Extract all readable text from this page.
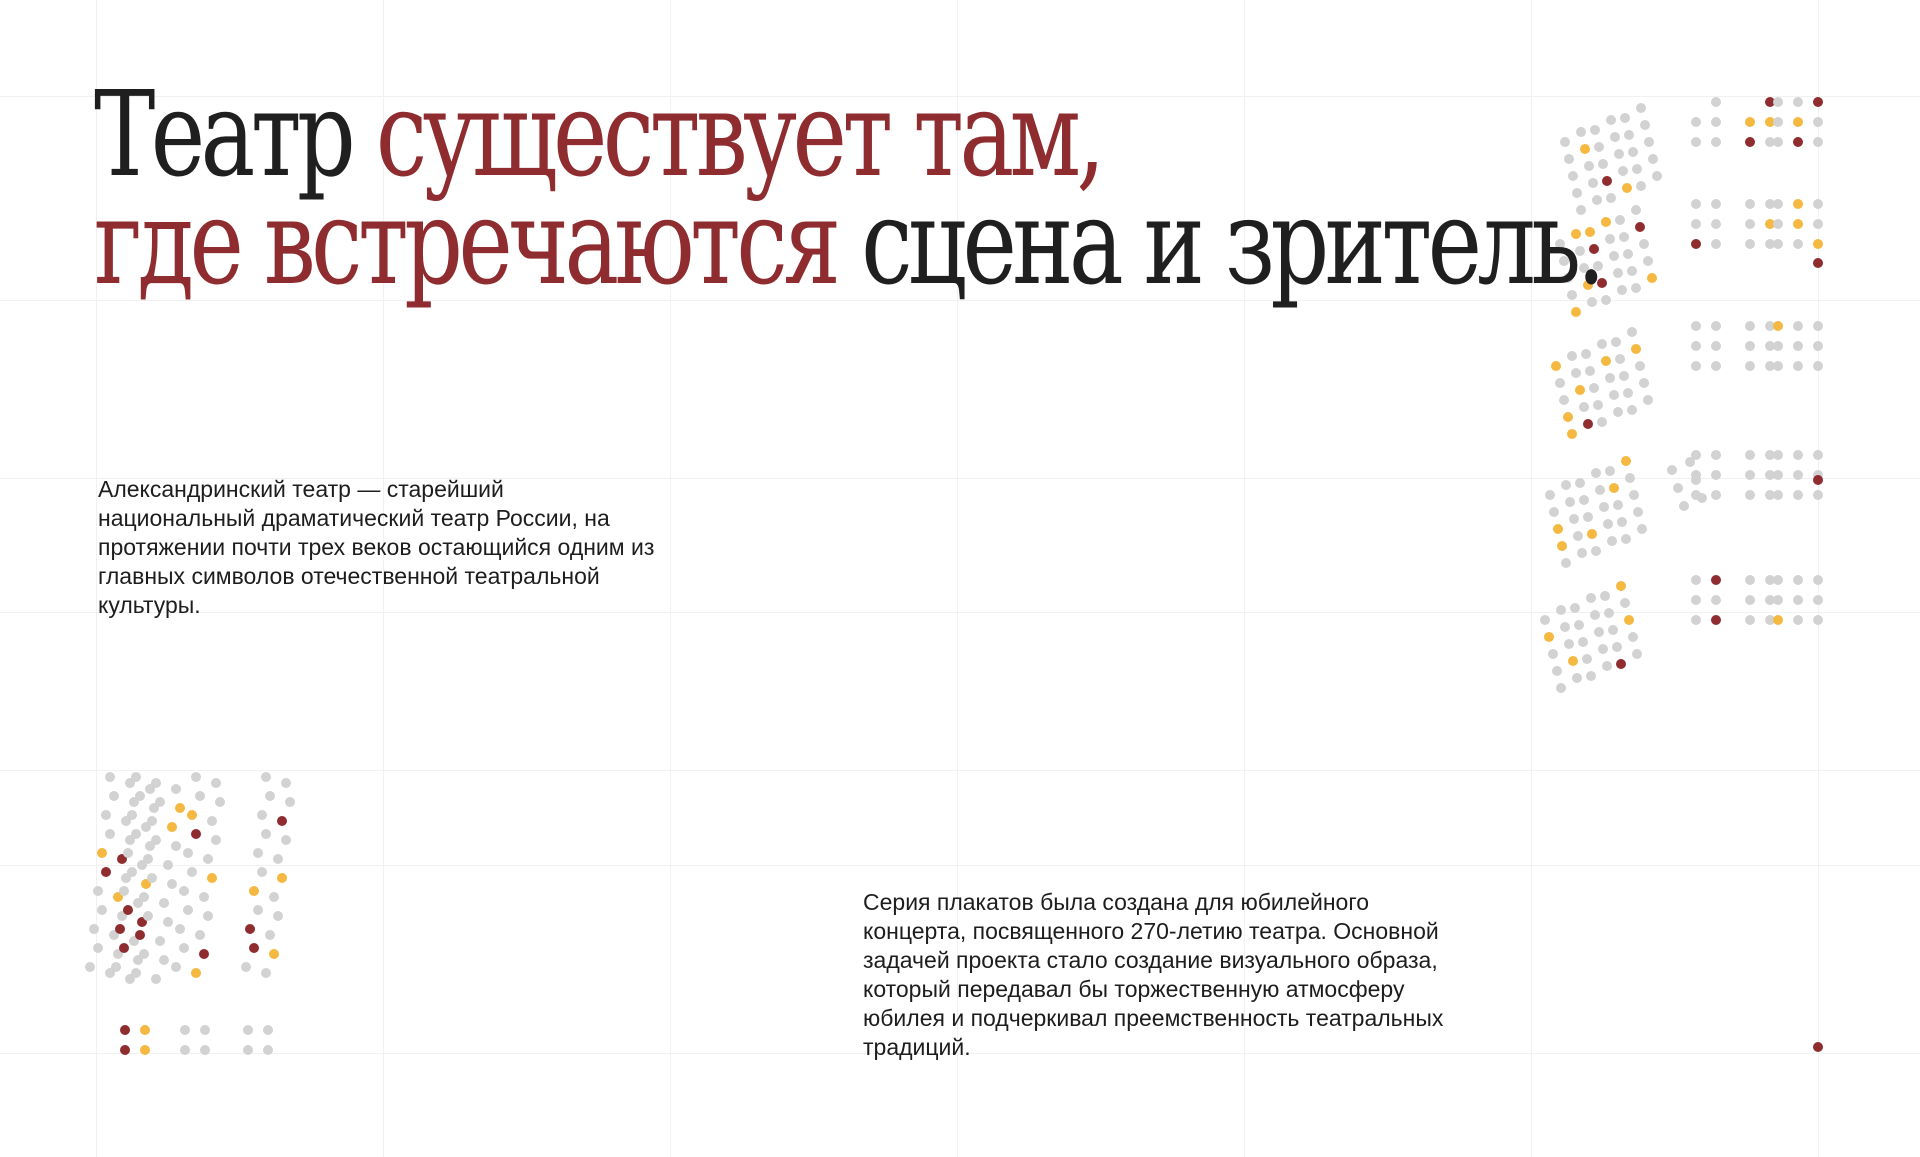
Театр существует там,
где встречаются сцена и зритель.

Александринский театр — старейший национальный драматический театр России, на протяжении почти трех веков остающийся одним из главных символов отечественной театральной культуры.

Серия плакатов была создана для юбилейного концерта, посвященного 270-летию театра. Основной задачей проекта стало создание визуального образа, который передавал бы торжественную атмосферу юбилея и подчеркивал преемственность театральных традиций.
